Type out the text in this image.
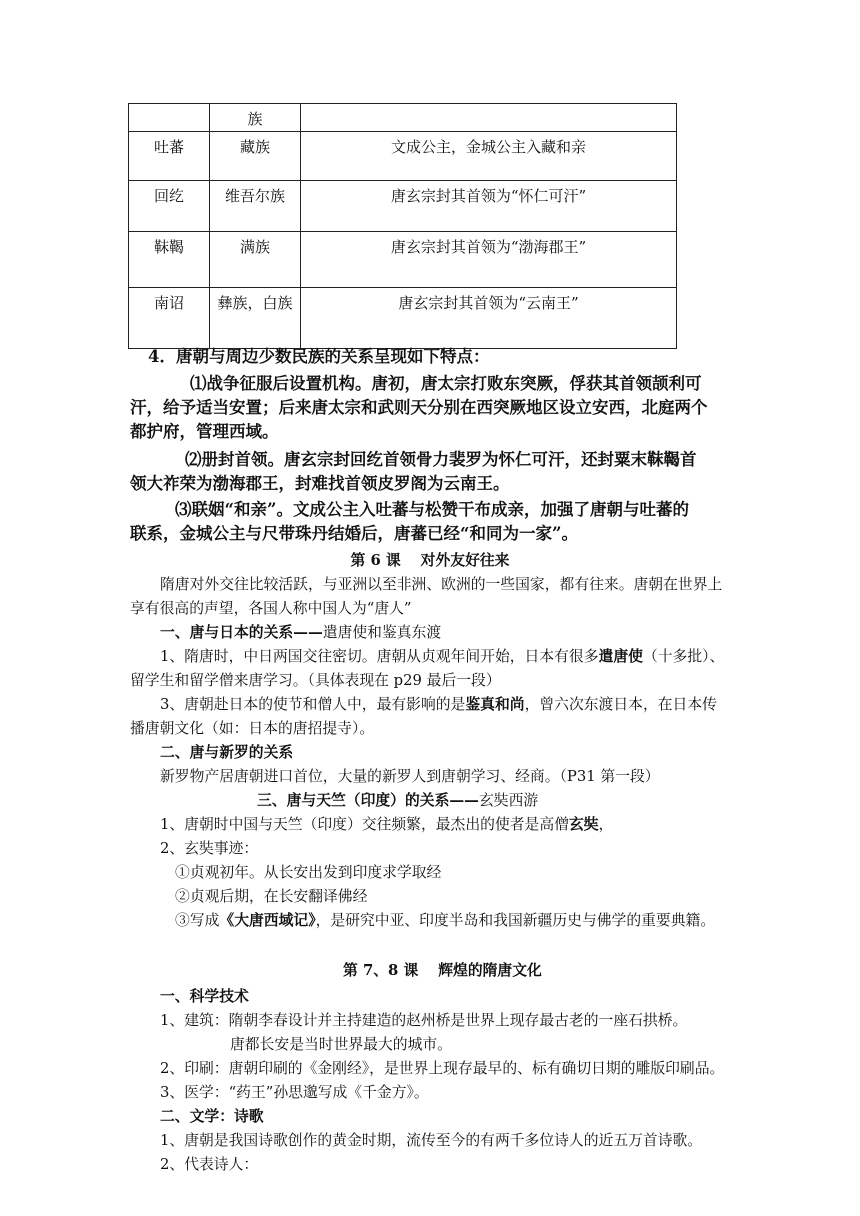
	族	
吐蕃	藏族	文成公主，金城公主入藏和亲
回纥	维吾尔族	唐玄宗封其首领为“怀仁可汗”
靺鞨	满族	唐玄宗封其首领为“渤海郡王”
南诏	彝族，白族	唐玄宗封其首领为“云南王”
4．唐朝与周边少数民族的关系呈现如下特点：
⑴战争征服后设置机构。唐初，唐太宗打败东突厥，俘获其首领颉利可
汗，给予适当安置；后来唐太宗和武则天分别在西突厥地区设立安西，北庭两个
都护府，管理西域。
⑵册封首领。唐玄宗封回纥首领骨力裴罗为怀仁可汗，还封粟末靺鞨首
领大祚荣为渤海郡王，封难找首领皮罗阁为云南王。
⑶联姻“和亲”。文成公主入吐蕃与松赞干布成亲，加强了唐朝与吐蕃的
联系，金城公主与尺带珠丹结婚后，唐蕃已经“和同为一家”。
第 6 课　 对外友好往来
隋唐对外交往比较活跃，与亚洲以至非洲、欧洲的一些国家，都有往来。唐朝在世界上
享有很高的声望，各国人称中国人为“唐人”
一、唐与日本的关系——遣唐使和鉴真东渡
1、隋唐时，中日两国交往密切。唐朝从贞观年间开始，日本有很多遣唐使（十多批）、
留学生和留学僧来唐学习。（具体表现在 p29 最后一段）
3、唐朝赴日本的使节和僧人中，最有影响的是鉴真和尚，曾六次东渡日本，在日本传
播唐朝文化（如：日本的唐招提寺）。
二、唐与新罗的关系
新罗物产居唐朝进口首位，大量的新罗人到唐朝学习、经商。（P31 第一段）
三、唐与天竺（印度）的关系——玄奘西游
1、唐朝时中国与天竺（印度）交往频繁，最杰出的使者是高僧玄奘，
2、玄奘事迹：
①贞观初年。从长安出发到印度求学取经
②贞观后期，在长安翻译佛经
③写成《大唐西域记》，是研究中亚、印度半岛和我国新疆历史与佛学的重要典籍。
第 7、8 课　 辉煌的隋唐文化
一、科学技术
1、建筑：隋朝李春设计并主持建造的赵州桥是世界上现存最古老的一座石拱桥。
唐都长安是当时世界最大的城市。
2、印刷：唐朝印刷的《金刚经》，是世界上现存最早的、标有确切日期的雕版印刷品。
3、医学：“药王”孙思邈写成《千金方》。
二、文学：诗歌
1、唐朝是我国诗歌创作的黄金时期，流传至今的有两千多位诗人的近五万首诗歌。
2、代表诗人：
